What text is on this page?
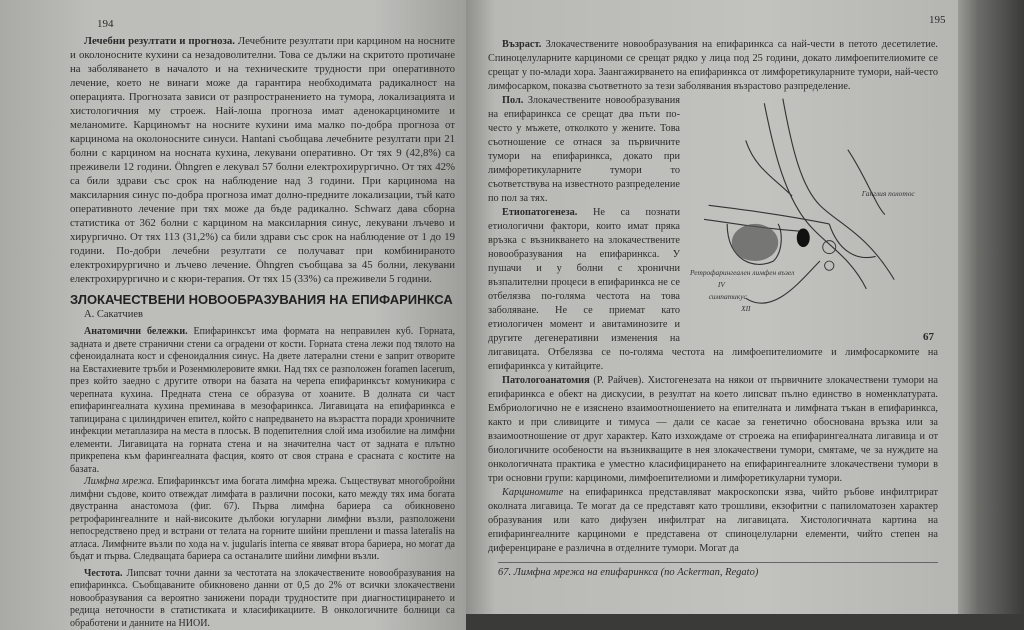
194

Лечебни резултати и прогноза. Лечебните резултати при карцином на носните и околоносните кухини са незадоволителни. Това се дължи на скритото протичане на заболяването в началото и на техническите трудности при оперативното лечение, което не винаги може да гарантира необходимата радикалност на операцията. Прогнозата зависи от разпространението на тумора, локализацията и хистологичния му строеж. Най-лоша прогноза имат аденокарциномите и меланомите. Карциномът на носните кухини има малко по-добра прогноза от карцинома на околоносните синуси. Hantani съобщава лечебните резултати при 21 болни с карцином на носната кухина, лекувани оперативно. От тях 9 (42,8%) са преживели 12 години. Öhngren е лекувал 57 болни електрохирургично. От тях 42% са били здрави със срок на наблюдение над 3 години. При карцинома на максиларния синус по-добра прогноза имат долно-предните локализации, тъй като оперативното лечение при тях може да бъде радикално. Schwarz дава сборна статистика от 362 болни с карцином на максиларния синус, лекувани лъчево и хирургично. От тях 113 (31,2%) са били здрави със срок на наблюдение от 1 до 19 години. По-добри лечебни резултати се получават при комбинираното електрохирургично и лъчево лечение. Öhngren съобщава за 45 болни, лекувани електрохирургично и с кюри-терапия. От тях 15 (33%) са преживели 5 години.

ЗЛОКАЧЕСТВЕНИ НОВООБРАЗУВАНИЯ НА ЕПИФАРИНКСА
А. Сакатчиев

Анатомични бележки. Епифаринксът има формата на неправилен куб. Горната, задната и двете странични стени са оградени от кости. Горната стена лежи под тялото на сфеноидалната кост и сфеноидалния синус. На двете латерални стени е заприт отворите на Евстахиевите тръби и Розенмюлеровите ямки. Над тях се разположен foramen lacerum, през който заедно с другите отвори на базата на черепа епифаринксът комуникира с черепната кухина. Предната стена се образува от хоаните. В долната си част епифарингеалната кухина преминава в мезофаринкса. Лигавицата на епифаринкса е тапицирана с цилиндричен епител, който с напредването на възрастта поради хроничните инфекции метаплазира на места в плосък. В подепителния слой има изобилие на лимфни елементи. Лигавицата на горната стена и на значителна част от задната е плътно прикрепена към фарингеалната фасция, която от своя страна е срасната с костите на базата.

Лимфна мрежа. Епифаринксът има богата лимфна мрежа. Съществуват многобройни лимфни съдове, които отвеждат лимфата в различни посоки, като между тях има богата двустранна анастомоза (фиг. 67). Първа лимфна бариера са обикновено ретрофарингеалните и най-високите дълбоки югуларни лимфни възли, разположени непосредствено пред и встрани от телата на горните шийни прешлени и massa lateralis на атласа. Лимфните възли по хода на v. jugularis interna се явяват втора бариера, но могат да бъдат и първа. Следващата бариера са останалите шийни лимфни възли.

Честота. Липсват точни данни за честотата на злокачествените новообразувания на епифаринкса. Съобщаваните обикновено данни от 0,5 до 2% от всички злокачествени новообразувания са вероятно занижени поради трудностите при диагностицирането и редица неточности в статистиката и класификациите. В онкологичните болници са обработени и данните на НИОИ.

195

Възраст. Злокачествените новообразувания на епифаринкса са най-чести в петото десетилетие. Спиноцелуларните карциноми се срещат рядко у лица под 25 години, докато лимфоепителиомите се срещат у по-млади хора. Заангажирването на епифаринкса от лимфоретикуларните тумори, най-често лимфосарком, показва съответното за тези заболявания възрастово разпределение.

Ганглия полотос
Ретрофарингеален лимфен възел
IV
симпатикус
XII
67

Пол. Злокачествените новообразувания на епифаринкса се срещат два пъти по-често у мъжете, отколкото у жените. Това съотношение се отнася за първичните тумори на епифаринкса, докато при лимфоретикуларните тумори то съответствува на известното разпределение по пол за тях.

Етиопатогенеза. Не са познати етиологични фактори, които имат пряка връзка с възникването на злокачествените новообразувания на епифаринкса. У пушачи и у болни с хронични възпалителни процеси в епифаринкса не се отбелязва по-голяма честота на това заболяване. Не се приемат като етиологичен момент и авитаминозите и другите дегенеративни изменения на лигавицата. Отбелязва се по-голяма честота на лимфоепителиомите и лимфосаркомите на епифаринкса у китайците.

Патологоанатомия (Р. Райчев). Хистогенезата на някои от първичните злокачествени тумори на епифаринкса е обект на дискусии, в резултат на което липсват пълно единство в номенклатурата. Ембриологично не е изяснено взаимоотношението на епителната и лимфната тъкан в епифаринкса, както и при сливиците и тимуса — дали се касае за генетично обоснована връзка или за взаимоотношение от друг характер. Като изхождаме от строежа на епифарингеалната лигавица и от биологичните особености на възникващите в нея злокачествени тумори, смятаме, че за нуждите на онкологичната практика е уместно класифицирането на епифарингеалните злокачествени тумори в три основни групи: карциноми, лимфоепителиоми и лимфоретикуларни тумори.

Карциномите на епифаринкса представляват макроскопски язва, чийто ръбове инфилтрират околната лигавица. Те могат да се представят като трошливи, екзофитни с папиломатозен характер образувания или като дифузен инфилтрат на лигавицата. Хистологичната картина на епифарингеалните карциноми е представена от спиноцелуларни елементи, чийто степен на диференциране е различна в отделните тумори. Могат да

67. Лимфна мрежа на епифаринкса (по Ackerman, Regato)
